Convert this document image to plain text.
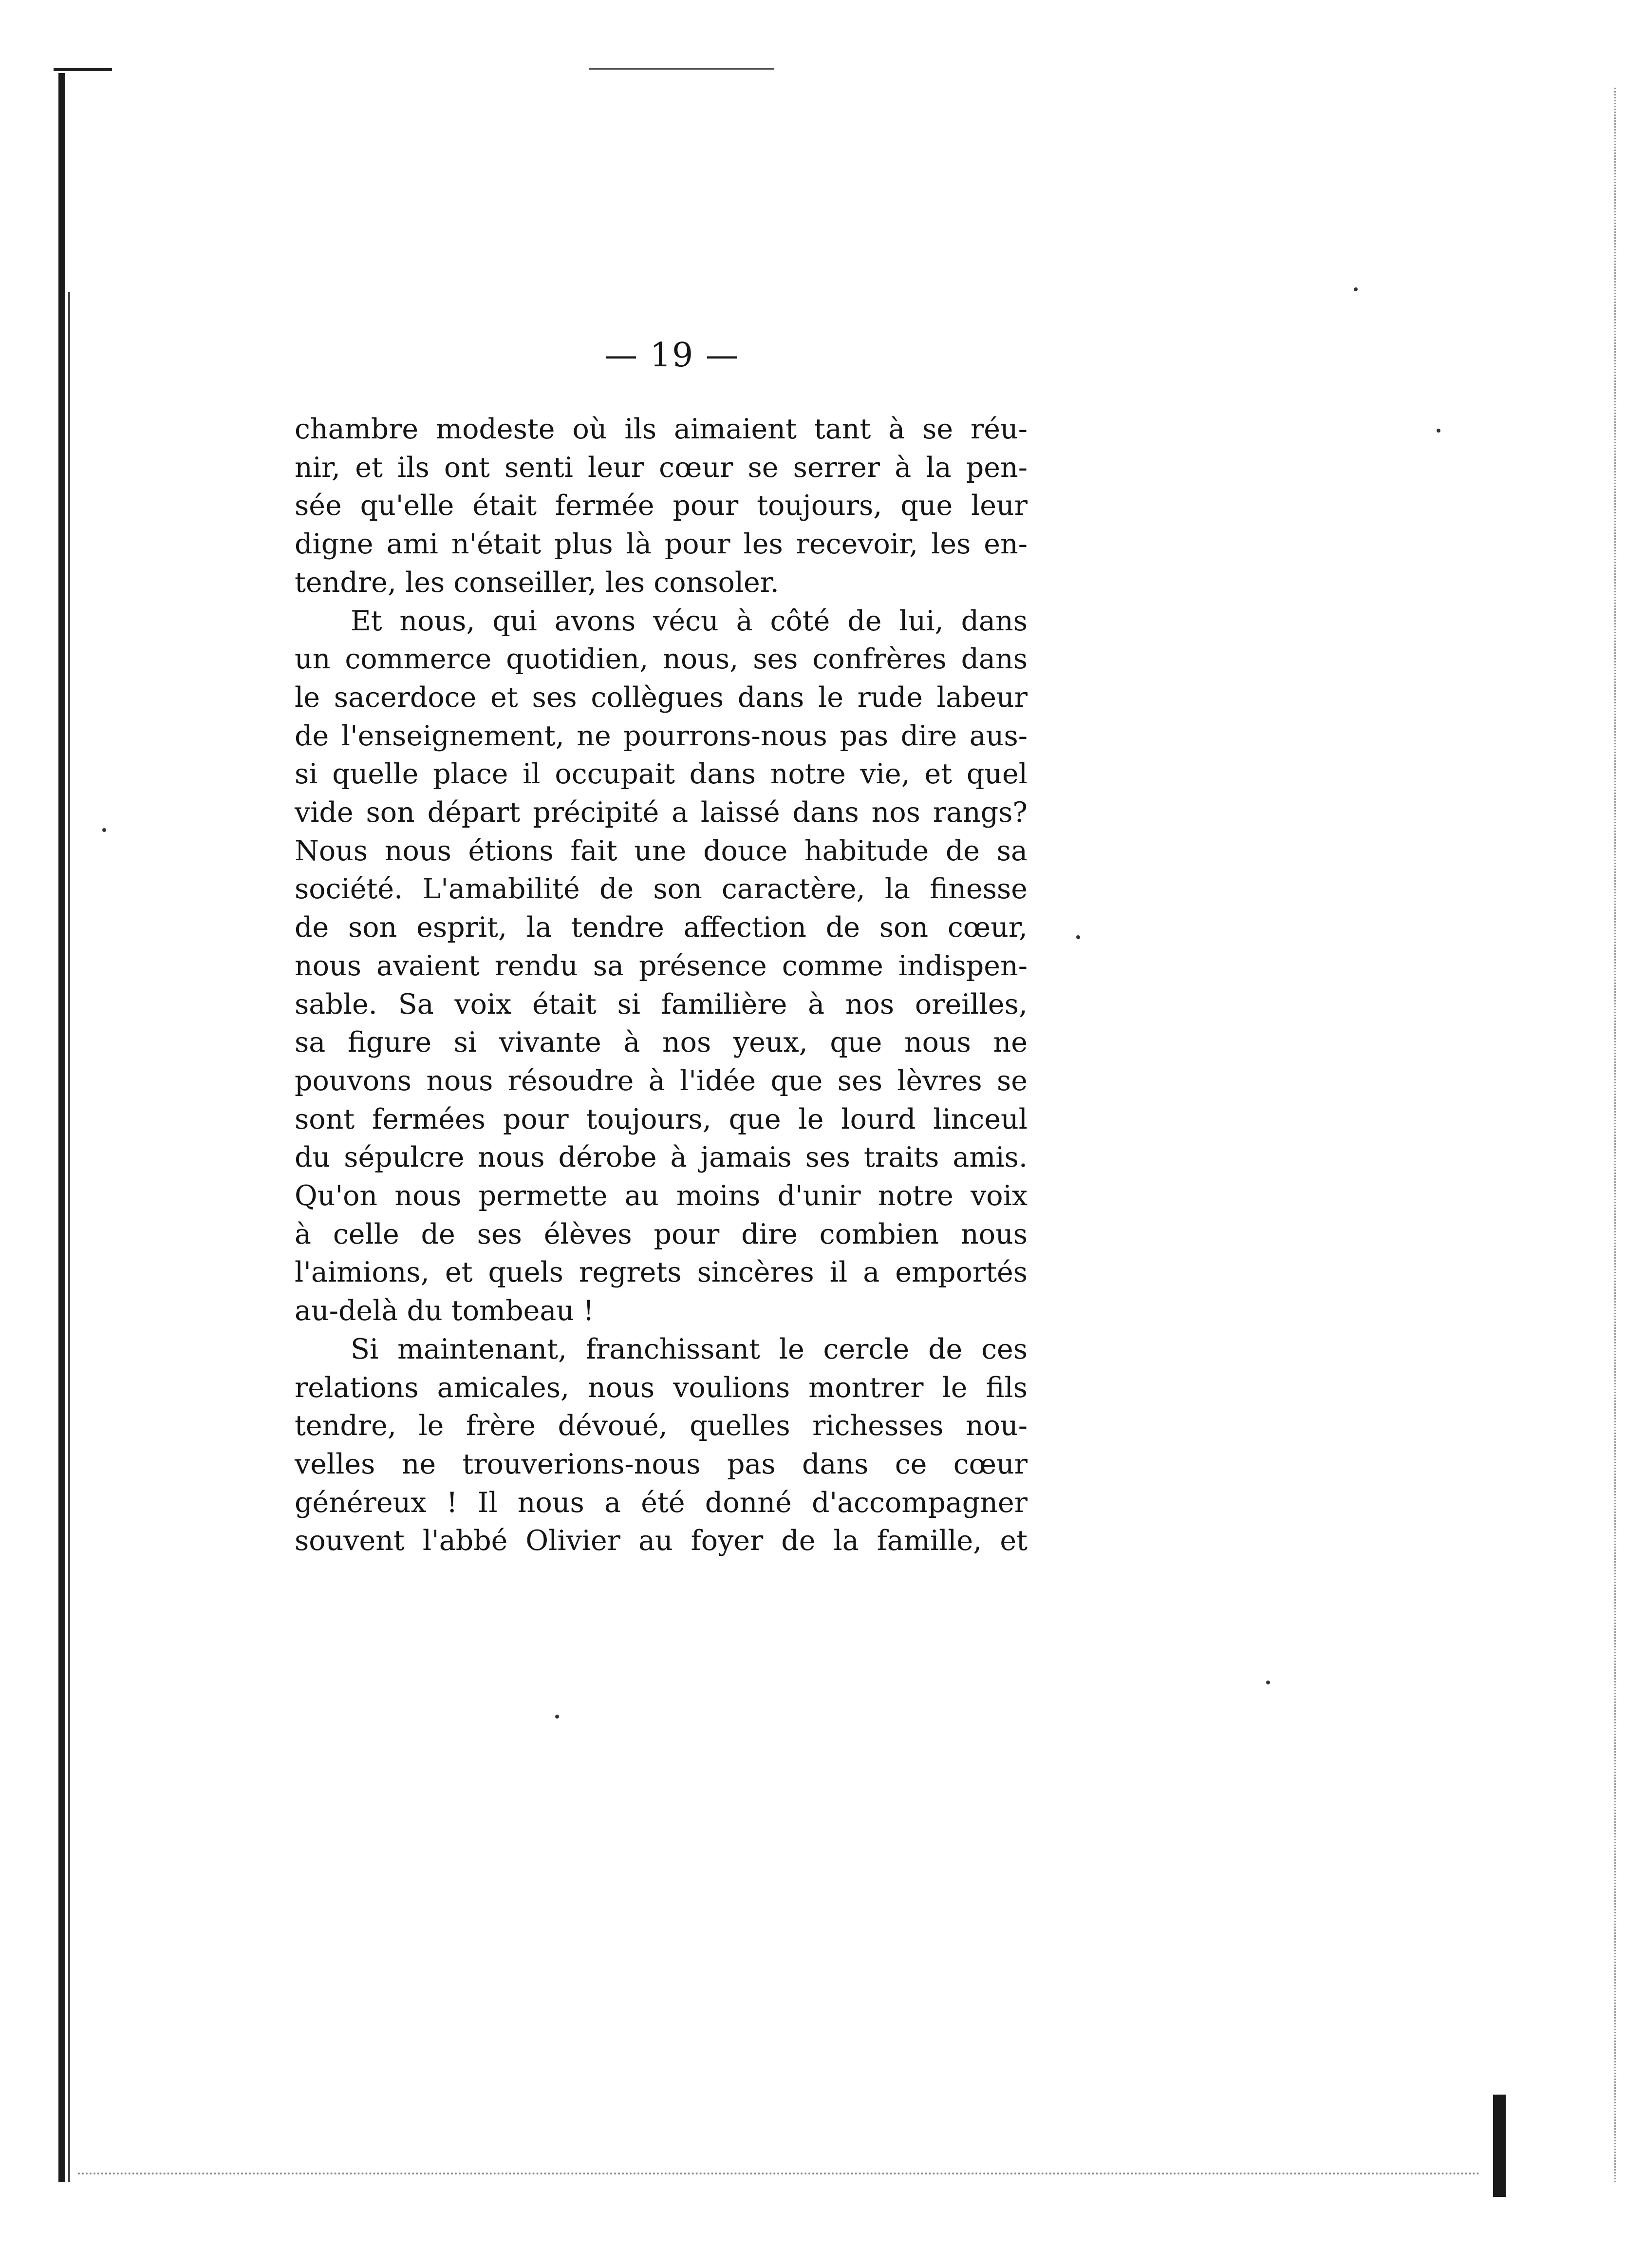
— 19 —
chambre modeste où ils aimaient tant à se réu-
nir, et ils ont senti leur cœur se serrer à la pen-
sée qu'elle était fermée pour toujours, que leur
digne ami n'était plus là pour les recevoir, les en-
tendre, les conseiller, les consoler.
Et nous, qui avons vécu à côté de lui, dans
un commerce quotidien, nous, ses confrères dans
le sacerdoce et ses collègues dans le rude labeur
de l'enseignement, ne pourrons-nous pas dire aus-
si quelle place il occupait dans notre vie, et quel
vide son départ précipité a laissé dans nos rangs?
Nous nous étions fait une douce habitude de sa
société. L'amabilité de son caractère, la finesse
de son esprit, la tendre affection de son cœur,
nous avaient rendu sa présence comme indispen-
sable. Sa voix était si familière à nos oreilles,
sa figure si vivante à nos yeux, que nous ne
pouvons nous résoudre à l'idée que ses lèvres se
sont fermées pour toujours, que le lourd linceul
du sépulcre nous dérobe à jamais ses traits amis.
Qu'on nous permette au moins d'unir notre voix
à celle de ses élèves pour dire combien nous
l'aimions, et quels regrets sincères il a emportés
au-delà du tombeau !
Si maintenant, franchissant le cercle de ces
relations amicales, nous voulions montrer le fils
tendre, le frère dévoué, quelles richesses nou-
velles ne trouverions-nous pas dans ce cœur
généreux ! Il nous a été donné d'accompagner
souvent l'abbé Olivier au foyer de la famille, et
